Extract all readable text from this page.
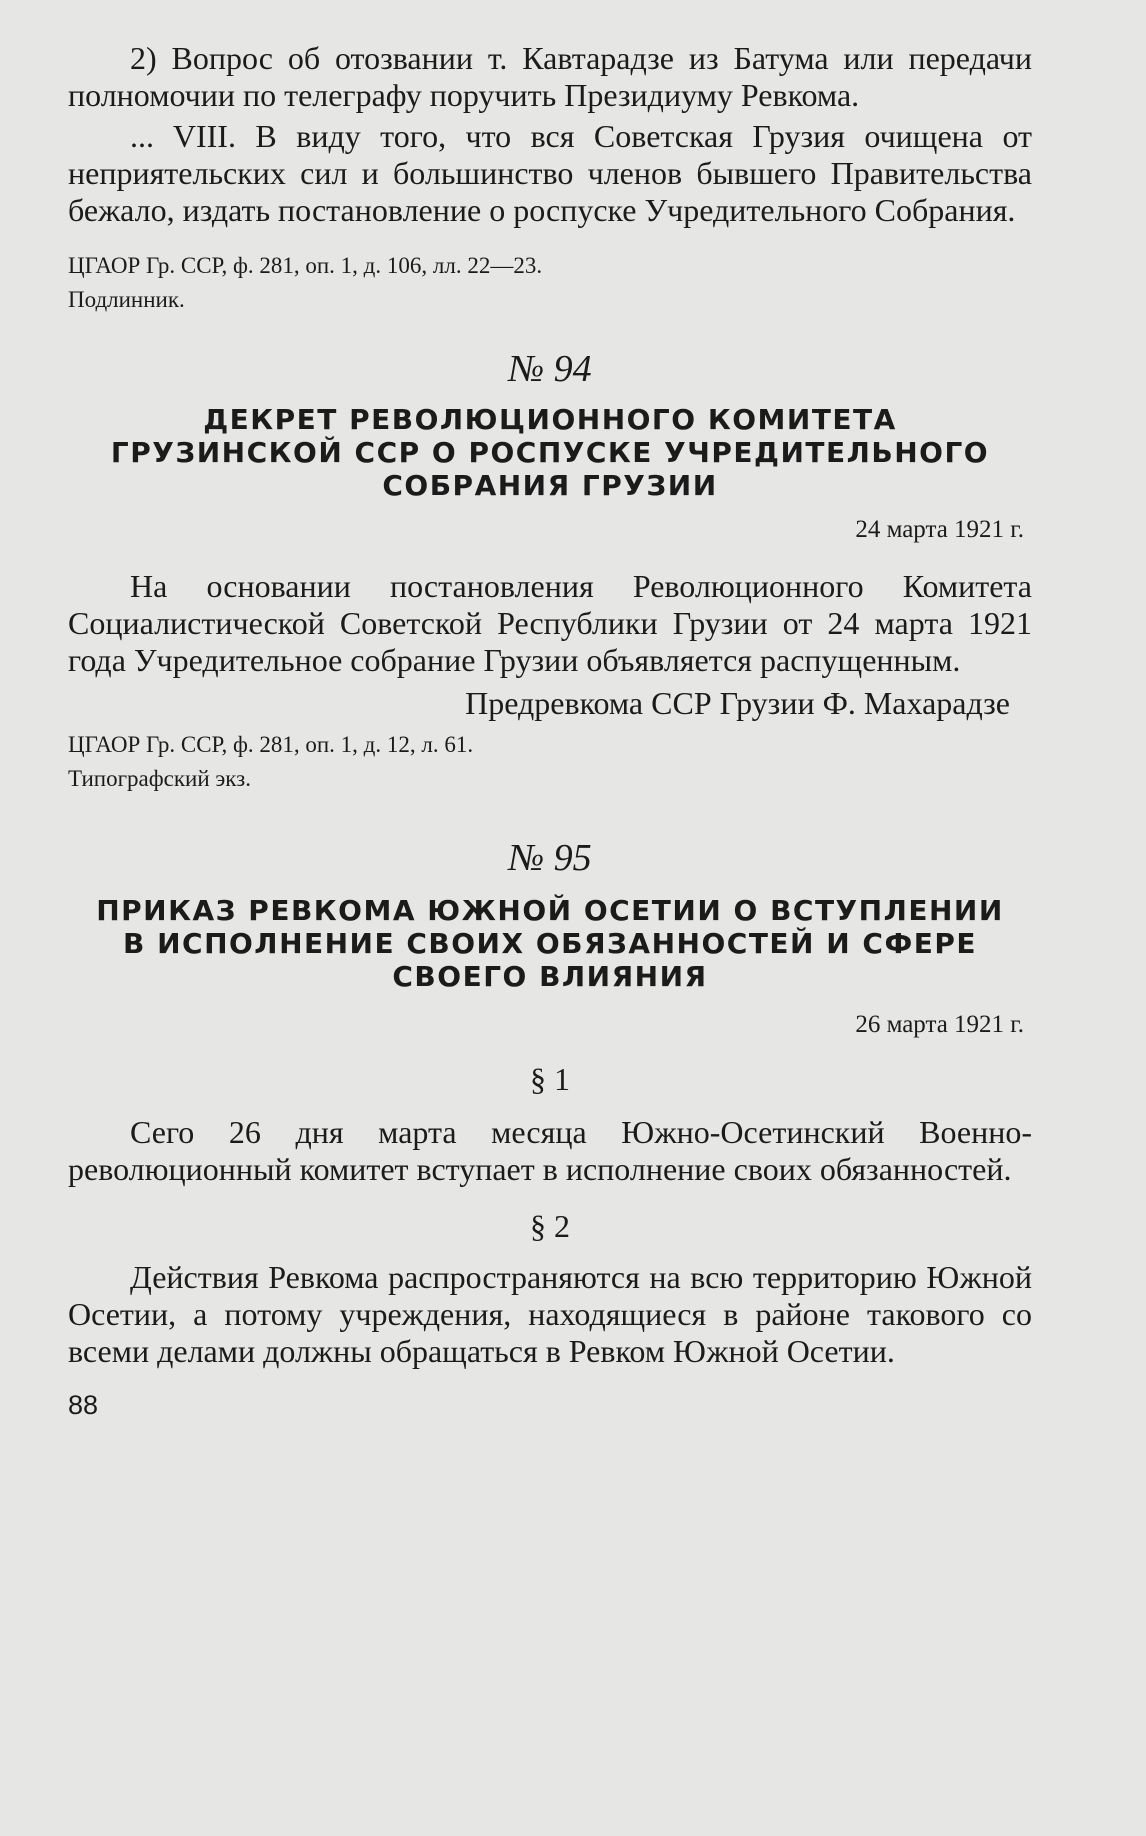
2) Вопрос об отозвании т. Кавтарадзе из Батума или передачи полномочии по телеграфу поручить Президиуму Ревкома.

... VIII. В виду того, что вся Советская Грузия очищена от неприятельских сил и большинство членов бывшего Правительства бежало, издать постановление о роспуске Учредительного Собрания.

ЦГАОР Гр. ССР, ф. 281, оп. 1, д. 106, лл. 22—23.

Подлинник.

№ 94

ДЕКРЕТ РЕВОЛЮЦИОННОГО КОМИТЕТА

ГРУЗИНСКОЙ ССР О РОСПУСКЕ УЧРЕДИТЕЛЬНОГО

СОБРАНИЯ ГРУЗИИ

24 марта 1921 г.

На основании постановления Революционного Комитета Социалистической Советской Республики Грузии от 24 марта 1921 года Учредительное собрание Грузии объявляется распущенным.

Предревкома ССР Грузии Ф. Махарадзе

ЦГАОР Гр. ССР, ф. 281, оп. 1, д. 12, л. 61.

Типографский экз.

№ 95

ПРИКАЗ РЕВКОМА ЮЖНОЙ ОСЕТИИ О ВСТУПЛЕНИИ

В ИСПОЛНЕНИЕ СВОИХ ОБЯЗАННОСТЕЙ И СФЕРЕ

СВОЕГО ВЛИЯНИЯ

26 марта 1921 г.

§ 1

Сего 26 дня марта месяца Южно-Осетинский Военно-революционный комитет вступает в исполнение своих обязанностей.

§ 2

Действия Ревкома распространяются на всю территорию Южной Осетии, а потому учреждения, находящиеся в районе такового со всеми делами должны обращаться в Ревком Южной Осетии.

88
